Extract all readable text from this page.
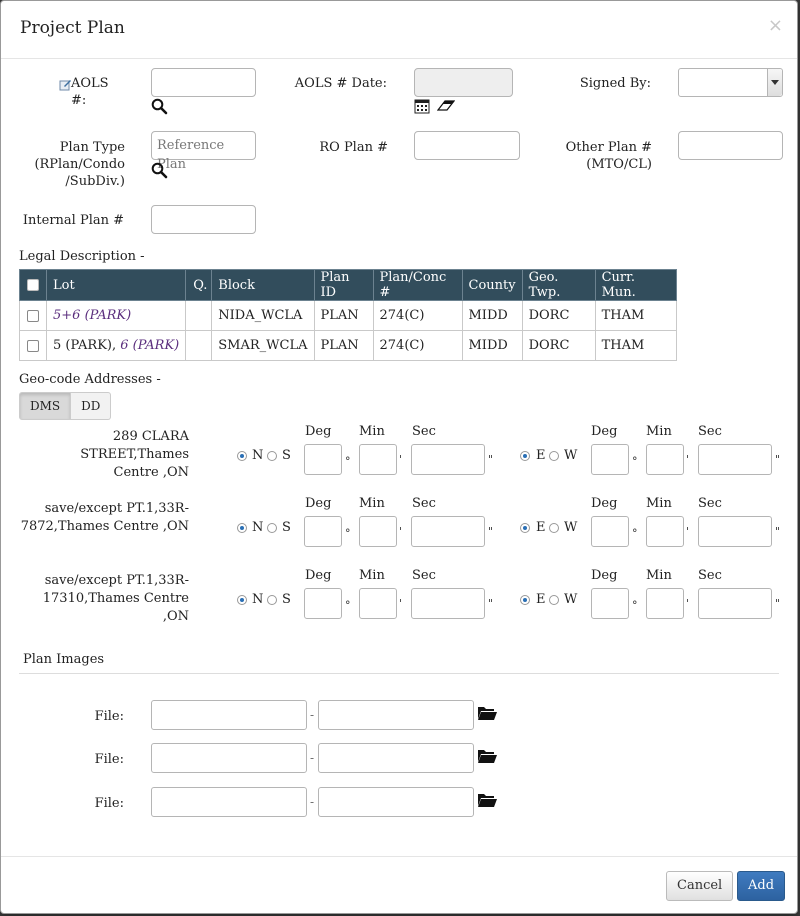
Project Plan	×
AOLS #:
AOLS # Date:	Signed By:
Plan Type
(RPlan/Condo
/SubDiv.)
Reference Plan
RO Plan #	Other Plan #
(MTO/CL)
Internal Plan #
Legal Description -
	Lot	Q.	Block	Plan ID	Plan/Conc #	County	Geo. Twp.	Curr. Mun.
	5+6 (PARK)		NIDA_WCLA	PLAN	274(C)	MIDD	DORC	THAM
	5 (PARK), 6 (PARK)		SMAR_WCLA	PLAN	274(C)	MIDD	DORC	THAM
Geo-code Addresses -
DMS	DD
289 CLARA STREET,Thames
Centre ,ON
Deg Min Sec
N S	°	'	"
Deg Min Sec
E W	°	'	"
save/except PT.1,33R-
7872,Thames Centre ,ON
Deg Min Sec
N S	°	'	"
Deg Min Sec
E W	°	'	"
save/except PT.1,33R-
17310,Thames Centre ,ON
Deg Min Sec
N S	°	'	"
Deg Min Sec
E W	°	'	"
Plan Images
File:	-
File:	-
File:	-
Cancel	Add
